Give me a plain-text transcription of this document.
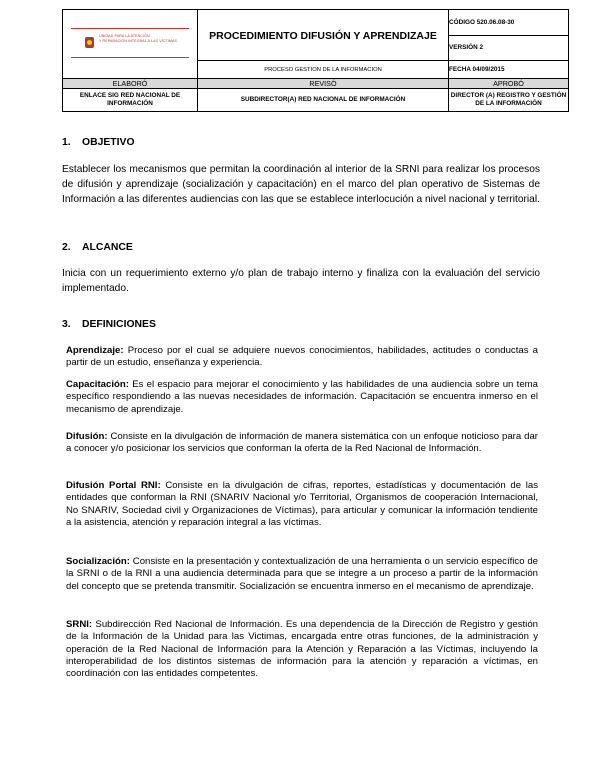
UNIDAD PARA LA ATENCIÓN
Y REPARACIÓN INTEGRAL A LAS VÍCTIMAS	PROCEDIMIENTO DIFUSIÓN Y APRENDIZAJE	CÓDIGO 520.06.08-30
		VERSIÓN 2
	PROCESO GESTION DE LA INFORMACION	FECHA 04/09/2015
ELABORÓ	REVISÓ	APROBÓ
ENLACE SIG RED NACIONAL DE INFORMACIÓN	SUBDIRECTOR(A) RED NACIONAL DE INFORMACIÓN	DIRECTOR (A) REGISTRO Y GESTIÓN DE LA INFORMACIÓN
1. OBJETIVO
Establecer los mecanismos que permitan la coordinación al interior de la SRNI para realizar los procesos de difusión y aprendizaje (socialización y capacitación) en el marco del plan operativo de Sistemas de Información a las diferentes audiencias con las que se establece interlocución a nivel nacional y territorial.
2. ALCANCE
Inicia con un requerimiento externo y/o plan de trabajo interno y finaliza con la evaluación del servicio implementado.
3. DEFINICIONES
Aprendizaje: Proceso por el cual se adquiere nuevos conocimientos, habilidades, actitudes o conductas a partir de un estudio, enseñanza y experiencia.
Capacitación: Es el espacio para mejorar el conocimiento y las habilidades de una audiencia sobre un tema específico respondiendo a las nuevas necesidades de información. Capacitación se encuentra inmerso en el mecanismo de aprendizaje.
Difusión: Consiste en la divulgación de información de manera sistemática con un enfoque noticioso para dar a conocer y/o posicionar los servicios que conforman la oferta de la Red Nacional de Información.
Difusión Portal RNI: Consiste en la divulgación de cifras, reportes, estadísticas y documentación de las entidades que conforman la RNI (SNARIV Nacional y/o Territorial, Organismos de cooperación Internacional, No SNARIV, Sociedad civil y Organizaciones de Víctimas), para articular y comunicar la información tendiente a la asistencia, atención y reparación integral a las víctimas.
Socialización: Consiste en la presentación y contextualización de una herramienta o un servicio específico de la SRNI o de la RNI a una audiencia determinada para que se integre a un proceso a partir de la información del concepto que se pretenda transmitir. Socialización se encuentra inmerso en el mecanismo de aprendizaje.
SRNI: Subdirección Red Nacional de Información. Es una dependencia de la Dirección de Registro y gestión de la Información de la Unidad para las Victimas, encargada entre otras funciones, de la administración y operación de la Red Nacional de Información para la Atención y Reparación a las Víctimas, incluyendo la interoperabilidad de los distintos sistemas de información para la atención y reparación a víctimas, en coordinación con las entidades competentes.
